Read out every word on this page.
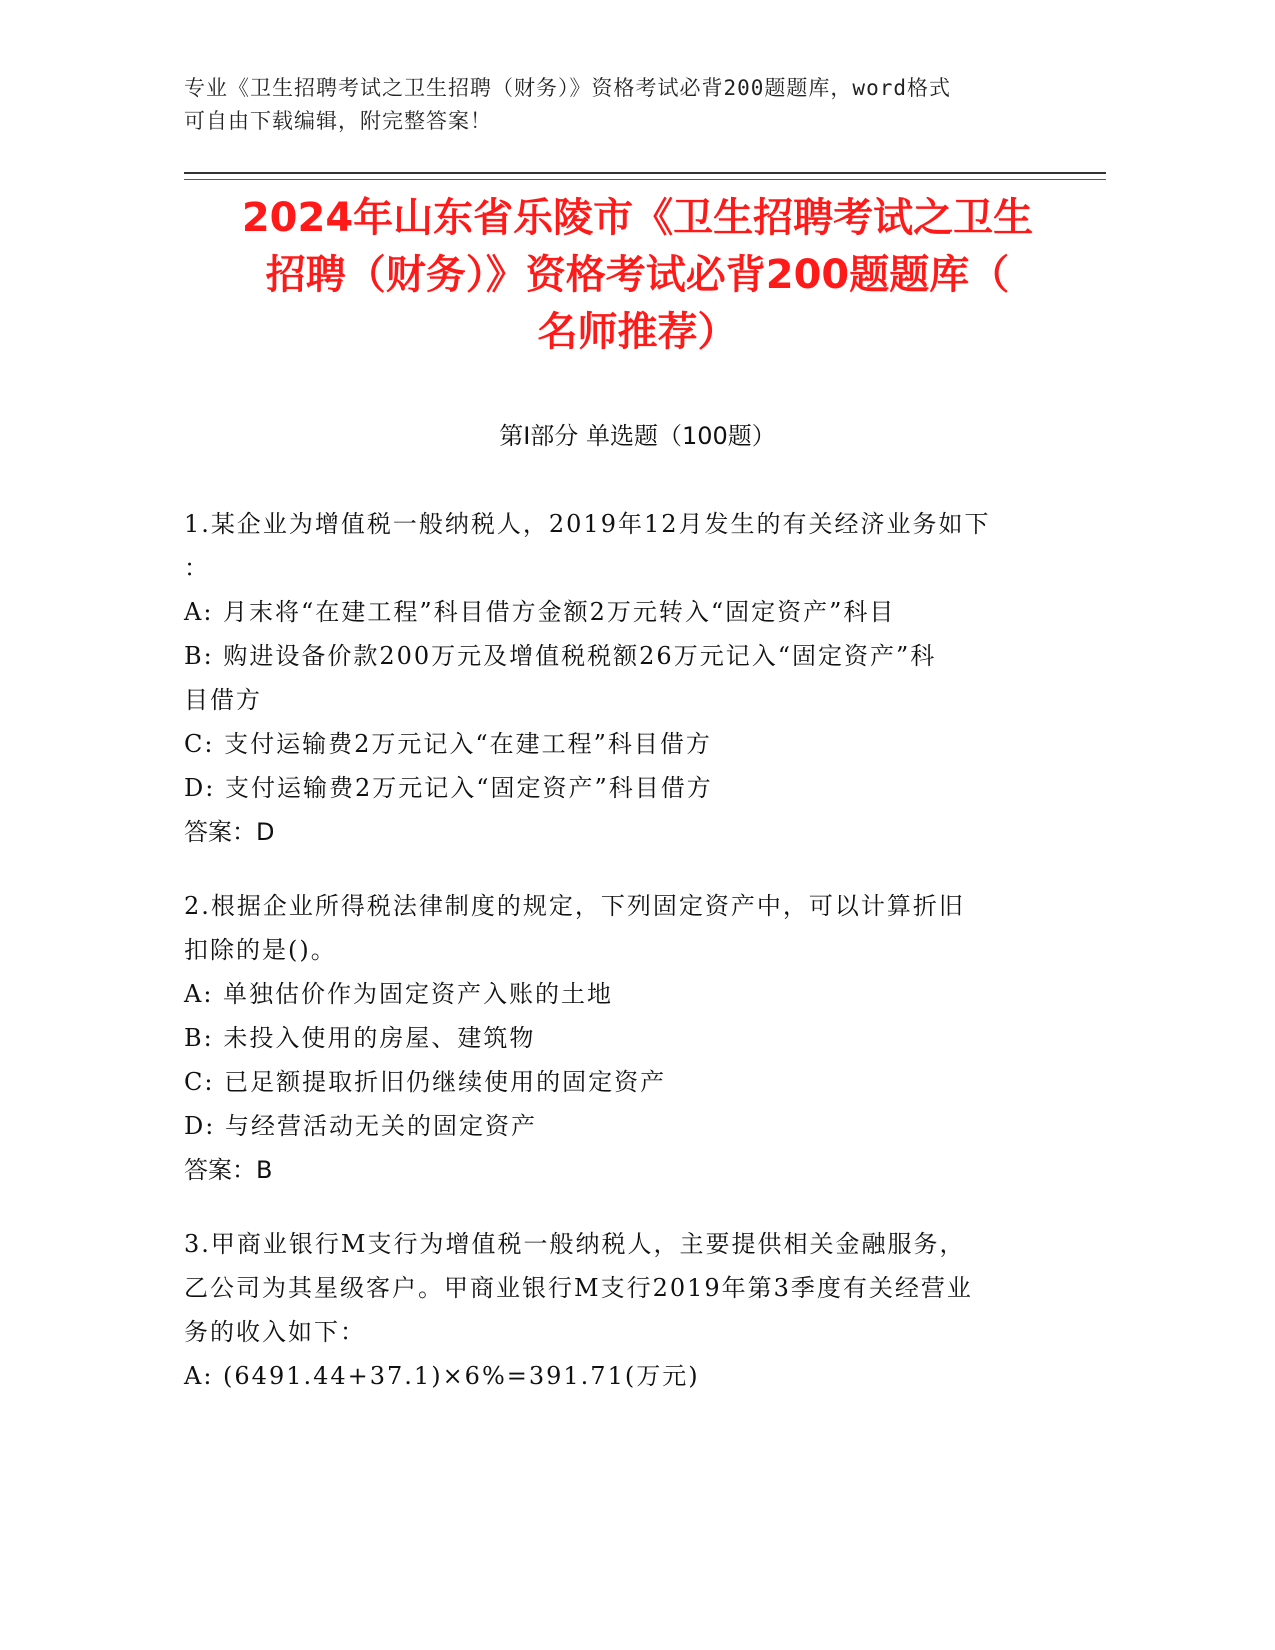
专业《卫生招聘考试之卫生招聘（财务）》资格考试必背200题题库，word格式
可自由下载编辑，附完整答案！
2024年山东省乐陵市《卫生招聘考试之卫生
招聘（财务）》资格考试必背200题题库（
名师推荐）
第Ⅰ部分 单选题（100题）
1.某企业为增值税一般纳税人，2019年12月发生的有关经济业务如下
：
A: 月末将“在建工程”科目借方金额2万元转入“固定资产”科目
B: 购进设备价款200万元及增值税税额26万元记入“固定资产”科
目借方
C: 支付运输费2万元记入“在建工程”科目借方
D: 支付运输费2万元记入“固定资产”科目借方
答案：D
2.根据企业所得税法律制度的规定，下列固定资产中，可以计算折旧
扣除的是()。
A: 单独估价作为固定资产入账的土地
B: 未投入使用的房屋、建筑物
C: 已足额提取折旧仍继续使用的固定资产
D: 与经营活动无关的固定资产
答案：B
3.甲商业银行M支行为增值税一般纳税人，主要提供相关金融服务，
乙公司为其星级客户。甲商业银行M支行2019年第3季度有关经营业
务的收入如下：
A: (6491.44+37.1)×6%=391.71(万元)
